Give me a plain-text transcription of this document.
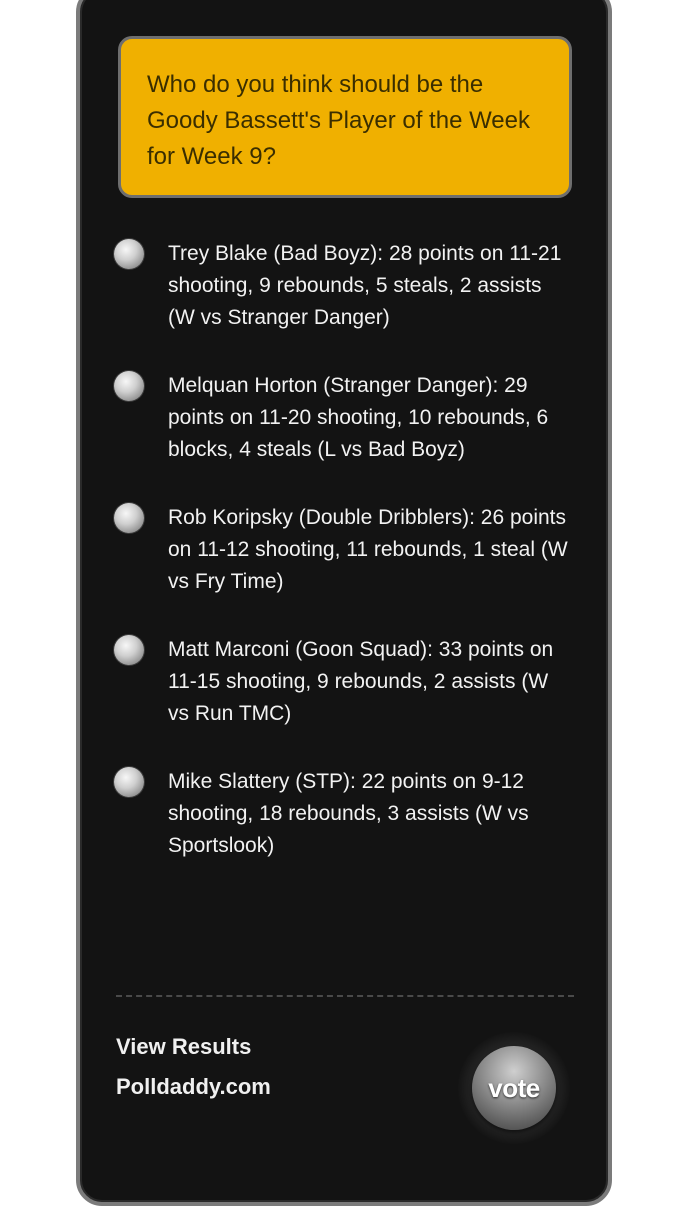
Who do you think should be the Goody Bassett's Player of the Week for Week 9?
Trey Blake (Bad Boyz): 28 points on 11-21 shooting, 9 rebounds, 5 steals, 2 assists (W vs Stranger Danger)
Melquan Horton (Stranger Danger): 29 points on 11-20 shooting, 10 rebounds, 6 blocks, 4 steals (L vs Bad Boyz)
Rob Koripsky (Double Dribblers): 26 points on 11-12 shooting, 11 rebounds, 1 steal (W vs Fry Time)
Matt Marconi (Goon Squad): 33 points on 11-15 shooting, 9 rebounds, 2 assists (W vs Run TMC)
Mike Slattery (STP): 22 points on 9-12 shooting, 18 rebounds, 3 assists (W vs Sportslook)
View Results
Polldaddy.com	vote
